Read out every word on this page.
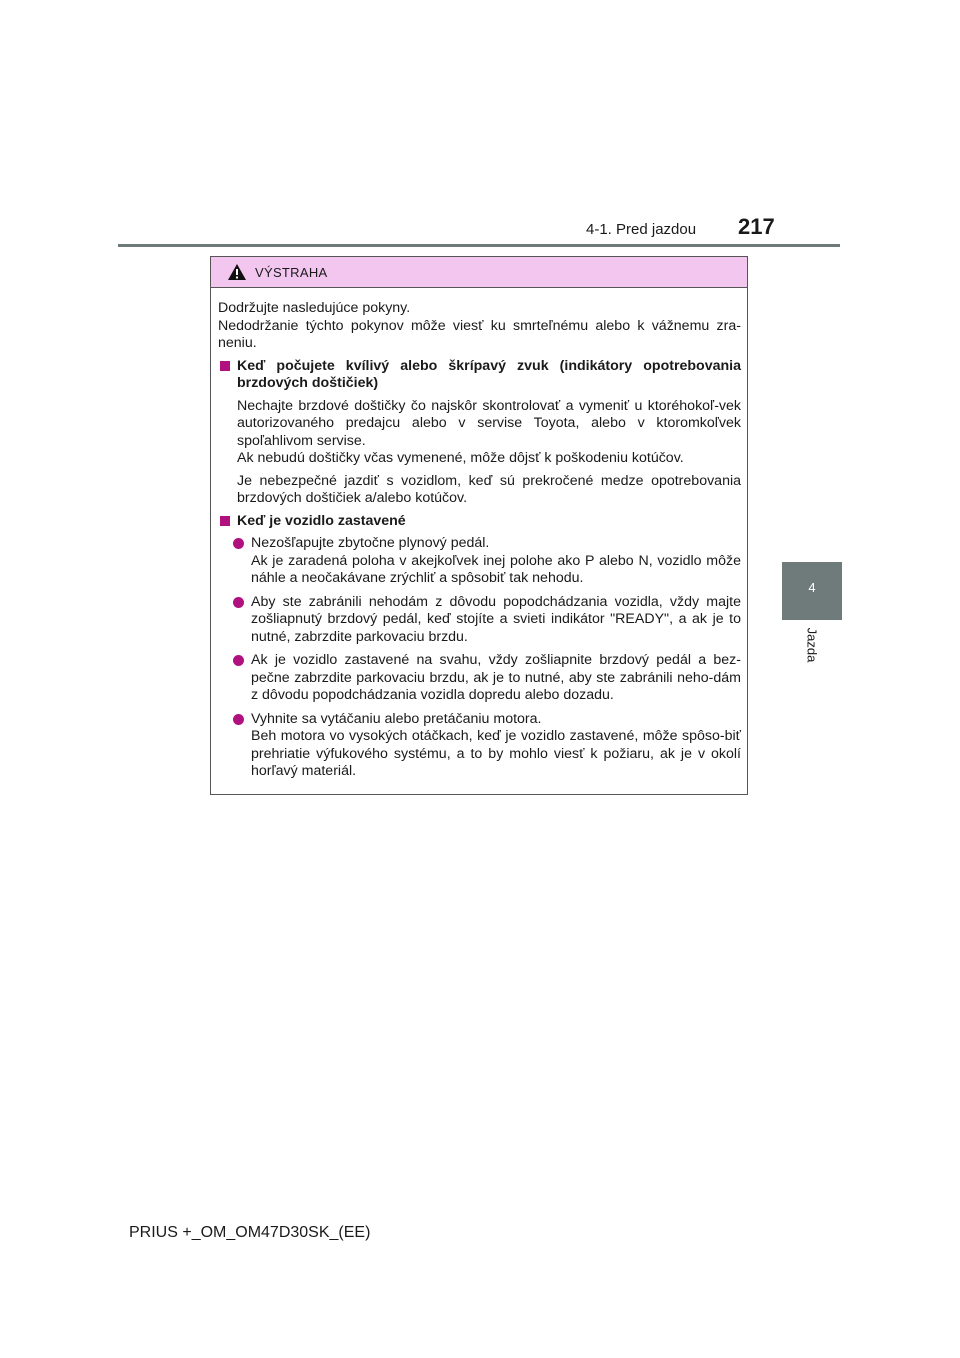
4-1. Pred jazdou 217
4
Jazda
VÝSTRAHA

Dodržujte nasledujúce pokyny.
Nedodržanie týchto pokynov môže viesť ku smrteľnému alebo k vážnemu zra-neniu.

Keď počujete kvílivý alebo škrípavý zvuk (indikátory opotrebovania brzdových doštičiek)

Nechajte brzdové doštičky čo najskôr skontrolovať a vymeniť u ktoréhokoľ-vek autorizovaného predajcu alebo v servise Toyota, alebo v ktoromkoľvek spoľahlivom servise.
Ak nebudú doštičky včas vymenené, môže dôjsť k poškodeniu kotúčov.

Je nebezpečné jazdiť s vozidlom, keď sú prekročené medze opotrebovania brzdových doštičiek a/alebo kotúčov.

Keď je vozidlo zastavené
Nezošľapujte zbytočne plynový pedál.
Ak je zaradená poloha v akejkoľvek inej polohe ako P alebo N, vozidlo môže náhle a neočakávane zrýchliť a spôsobiť tak nehodu.
Aby ste zabránili nehodám z dôvodu popodchádzania vozidla, vždy majte zošliapnutý brzdový pedál, keď stojíte a svieti indikátor "READY", a ak je to nutné, zabrzdite parkovaciu brzdu.
Ak je vozidlo zastavené na svahu, vždy zošliapnite brzdový pedál a bez-pečne zabrzdite parkovaciu brzdu, ak je to nutné, aby ste zabránili neho-dám z dôvodu popodchádzania vozidla dopredu alebo dozadu.
Vyhnite sa vytáčaniu alebo pretáčaniu motora.
Beh motora vo vysokých otáčkach, keď je vozidlo zastavené, môže spôso-biť prehriatie výfukového systému, a to by mohlo viesť k požiaru, ak je v okolí horľavý materiál.
PRIUS +_OM_OM47D30SK_(EE)
